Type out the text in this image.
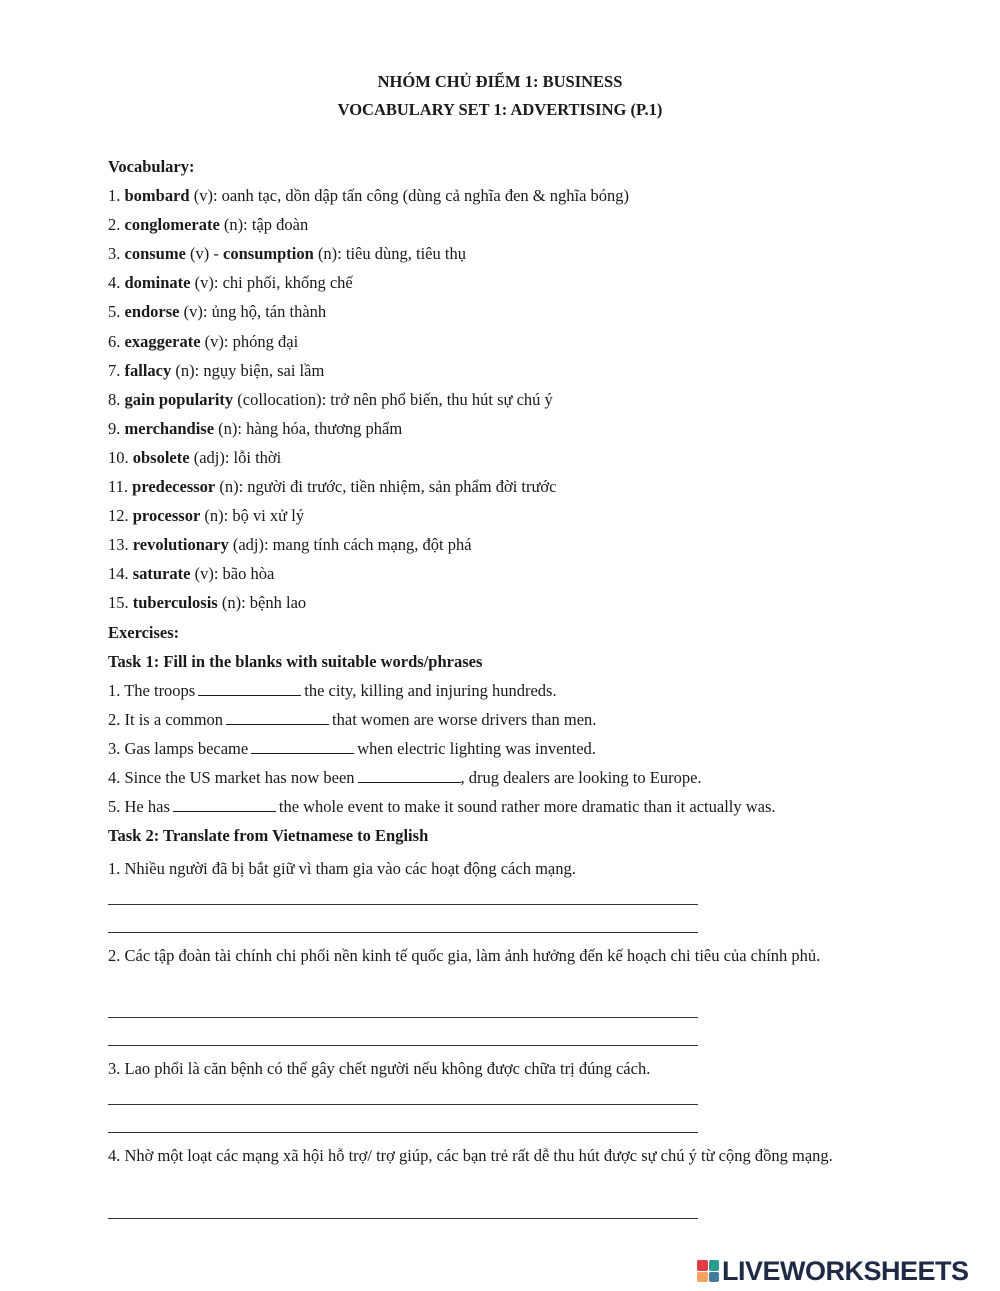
NHÓM CHỦ ĐIỂM 1: BUSINESS

VOCABULARY SET 1: ADVERTISING (P.1)

Vocabulary:
1. bombard (v): oanh tạc, dồn dập tấn công (dùng cả nghĩa đen & nghĩa bóng)
2. conglomerate (n): tập đoàn
3. consume (v) - consumption (n): tiêu dùng, tiêu thụ
4. dominate (v): chi phối, khống chế
5. endorse (v): ủng hộ, tán thành
6. exaggerate (v): phóng đại
7. fallacy (n): ngụy biện, sai lầm
8. gain popularity (collocation): trở nên phổ biến, thu hút sự chú ý
9. merchandise (n): hàng hóa, thương phẩm
10. obsolete (adj): lỗi thời
11. predecessor (n): người đi trước, tiền nhiệm, sản phẩm đời trước
12. processor (n): bộ vi xử lý
13. revolutionary (adj): mang tính cách mạng, đột phá
14. saturate (v): bão hòa
15. tuberculosis (n): bệnh lao
Exercises:
Task 1: Fill in the blanks with suitable words/phrases
1. The troops	the city, killing and injuring hundreds.
2. It is a common	that women are worse drivers than men.
3. Gas lamps became	when electric lighting was invented.
4. Since the US market has now been	, drug dealers are looking to Europe.
5. He has	the whole event to make it sound rather more dramatic than it actually was.
Task 2: Translate from Vietnamese to English
1. Nhiều người đã bị bắt giữ vì tham gia vào các hoạt động cách mạng.
2. Các tập đoàn tài chính chi phối nền kinh tế quốc gia, làm ảnh hưởng đến kế hoạch chi tiêu của chính phủ.
3. Lao phổi là căn bệnh có thể gây chết người nếu không được chữa trị đúng cách.
4. Nhờ một loạt các mạng xã hội hỗ trợ/ trợ giúp, các bạn trẻ rất dễ thu hút được sự chú ý từ cộng đồng mạng.
LIVEWORKSHEETS
